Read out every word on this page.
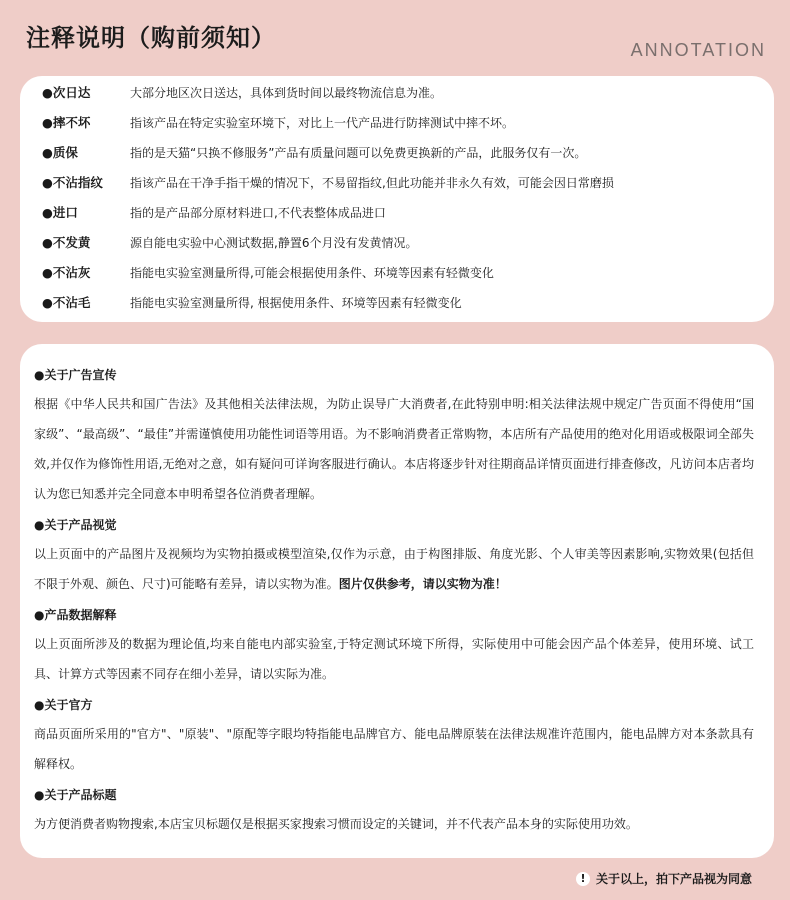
注释说明（购前须知）	ANNOTATION
●次日达	大部分地区次日送达，具体到货时间以最终物流信息为准。
●摔不坏	指该产品在特定实验室环境下，对比上一代产品进行防摔测试中摔不坏。
●质保	指的是天猫“只换不修服务”产品有质量问题可以免费更换新的产品，此服务仅有一次。
●不沾指纹	指该产品在干净手指干燥的情况下，不易留指纹,但此功能并非永久有效，可能会因日常磨损
●进口	指的是产品部分原材料进口,不代表整体成品进口
●不发黄	源自能电实验中心测试数据,静置6个月没有发黄情况。
●不沾灰	指能电实验室测量所得,可能会根据使用条件、环境等因素有轻微变化
●不沾毛	指能电实验室测量所得, 根据使用条件、环境等因素有轻微变化
●关于广告宣传
根据《中华人民共和国广告法》及其他相关法律法规，为防止误导广大消费者,在此特别申明:相关法律法规中规定广告页面不得使用“国家级”、“最高级”、“最佳”并需谨慎使用功能性词语等用语。为不影响消费者正常购物，本店所有产品使用的绝对化用语或极限词全部失效,并仅作为修饰性用语,无绝对之意，如有疑问可详询客服进行确认。本店将逐步针对往期商品详情页面进行排查修改，凡访问本店者均认为您已知悉并完全同意本申明希望各位消费者理解。
●关于产品视觉
以上页面中的产品图片及视频均为实物拍摄或模型渲染,仅作为示意，由于构图排版、角度光影、个人审美等因素影响,实物效果(包括但不限于外观、颜色、尺寸)可能略有差异，请以实物为准。图片仅供参考，请以实物为准！
●产品数据解释
以上页面所涉及的数据为理论值,均来自能电内部实验室,于特定测试环境下所得，实际使用中可能会因产品个体差异，使用环境、试工具、计算方式等因素不同存在细小差异，请以实际为准。
●关于官方
商品页面所采用的"官方"、"原装"、"原配等字眼均特指能电品牌官方、能电品牌原装在法律法规准许范围内，能电品牌方对本条款具有解释权。
●关于产品标题
为方便消费者购物搜索,本店宝贝标题仅是根据买家搜索习惯而设定的关键词，并不代表产品本身的实际使用功效。
! 关于以上，拍下产品视为同意
